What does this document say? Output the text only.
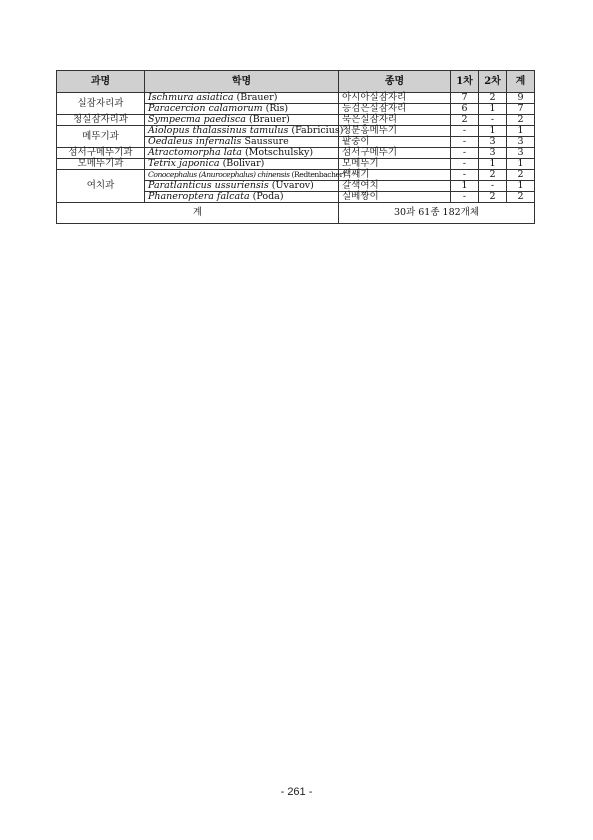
과명	학명	종명	1차	2차	계
실잠자리과	Ischmura asiatica (Brauer)	아시아실잠자리	7	2	9
	Paracercion calamorum (Ris)	등검은실잠자리	6	1	7
청실잠자리과	Sympecma paedisca (Brauer)	묵은실잠자리	2	-	2
메뚜기과	Aiolopus thalassinus tamulus (Fabricius)	청분홍메뚜기	-	1	1
	Oedaleus infernalis Saussure	팥중이	-	3	3
섬서구메뚜기과	Atractomorpha lata (Motschulsky)	섬서구메뚜기	-	3	3
모메뚜기과	Tetrix japonica (Bolivar)	모메뚜기	-	1	1
여치과	Conocephalus (Anurocephalus) chinensis (Redtenbacher)	쌕쌔기	-	2	2
	Paratlanticus ussuriensis (Uvarov)	갈색여치	1	-	1
	Phaneroptera falcata (Poda)	실베짱이	-	2	2
계		30과 61종 182개체			
- 261 -
